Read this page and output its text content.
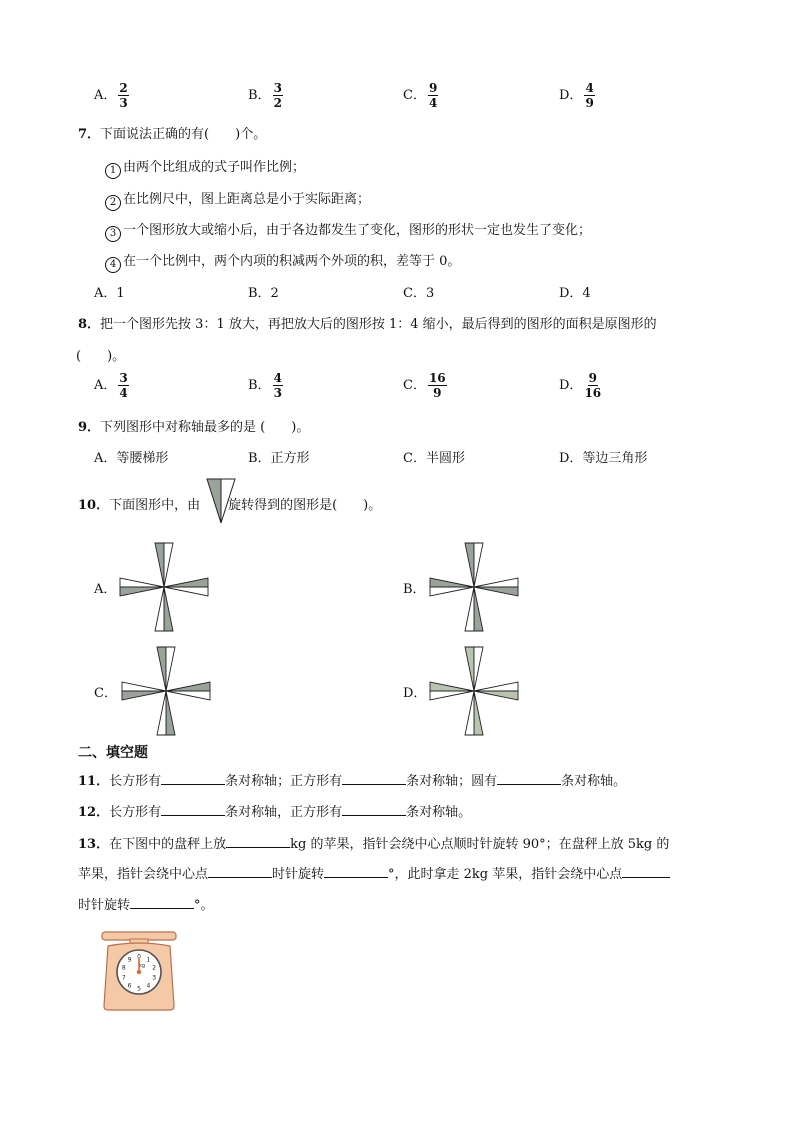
A． $\frac{2}{3}$	B． $\frac{3}{2}$	C． $\frac{9}{4}$	D． $\frac{4}{9}$
7．下面说法正确的有(　　)个。
1 由两个比组成的式子叫作比例；
2 在比例尺中，图上距离总是小于实际距离；
3 一个图形放大或缩小后，由于各边都发生了变化，图形的形状一定也发生了变化；
4 在一个比例中，两个内项的积减两个外项的积，差等于 0。
A．1	B．2	C．3	D．4
8．把一个图形先按 3：1 放大，再把放大后的图形按 1：4 缩小，最后得到的图形的面积是原图形的
(　　)。
A． $\frac{3}{4}$	B． $\frac{4}{3}$	C． $\frac{16}{9}$	D． $\frac{9}{16}$
9．下列图形中对称轴最多的是 (　　)。
A．等腰梯形	B．正方形	C．半圆形	D．等边三角形
10．下面图形中，由 旋转得到的图形是(　　)。
A．	B．
C．	D．
二、填空题
11．长方形有	条对称轴；正方形有	条对称轴；圆有	条对称轴。
12．长方形有	条对称轴，正方形有	条对称轴。
13．在下图中的盘秤上放	kg 的苹果，指针会绕中心点顺时针旋转 90°；在盘秤上放 5kg 的
苹果，指针会绕中心点	时针旋转	°，此时拿走 2kg 苹果，指针会绕中心点
时针旋转	°。
0 1
2
3
4
5
6
7
8
9
kg
